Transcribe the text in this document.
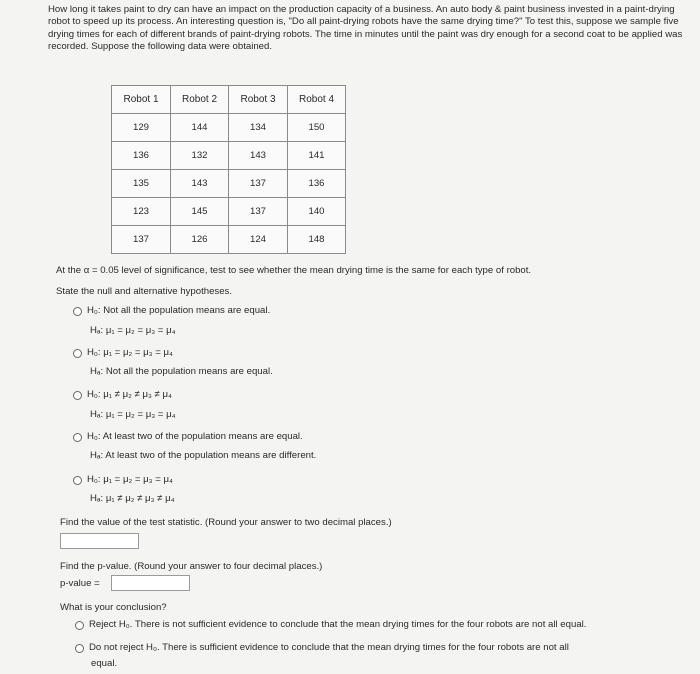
How long it takes paint to dry can have an impact on the production capacity of a business. An auto body & paint business invested in a paint-drying robot to speed up its process. An interesting question is, "Do all paint-drying robots have the same drying time?" To test this, suppose we sample five drying times for each of different brands of paint-drying robots. The time in minutes until the paint was dry enough for a second coat to be applied was recorded. Suppose the following data were obtained.

Robot 1	Robot 2	Robot 3	Robot 4
129	144	134	150
136	132	143	141
135	143	137	136
123	145	137	140
137	126	124	148
At the α = 0.05 level of significance, test to see whether the mean drying time is the same for each type of robot.
State the null and alternative hypotheses.
H₀: Not all the population means are equal.
Hₐ: μ₁ = μ₂ = μ₃ = μ₄
H₀: μ₁ = μ₂ = μ₃ = μ₄
Hₐ: Not all the population means are equal.
H₀: μ₁ ≠ μ₂ ≠ μ₃ ≠ μ₄
Hₐ: μ₁ = μ₂ = μ₃ = μ₄
H₀: At least two of the population means are equal.
Hₐ: At least two of the population means are different.
H₀: μ₁ = μ₂ = μ₃ = μ₄
Hₐ: μ₁ ≠ μ₂ ≠ μ₃ ≠ μ₄
Find the value of the test statistic. (Round your answer to two decimal places.)
Find the p-value. (Round your answer to four decimal places.)
p-value =
What is your conclusion?
Reject H₀. There is not sufficient evidence to conclude that the mean drying times for the four robots are not all equal.
Do not reject H₀. There is sufficient evidence to conclude that the mean drying times for the four robots are not all
equal.
